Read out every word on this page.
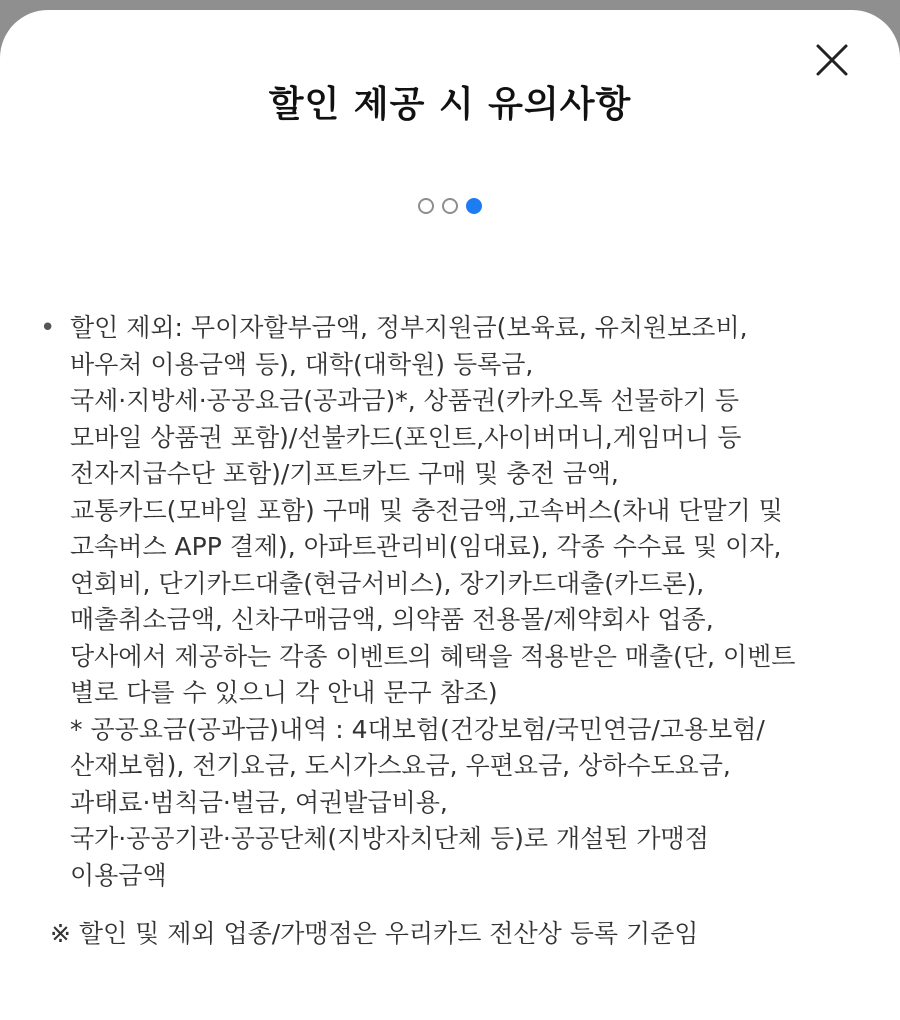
할인 제공 시 유의사항
• 할인 제외: 무이자할부금액, 정부지원금(보육료, 유치원보조비,
바우처 이용금액 등), 대학(대학원) 등록금,
국세·지방세·공공요금(공과금)*, 상품권(카카오톡 선물하기 등
모바일 상품권 포함)/선불카드(포인트,사이버머니,게임머니 등
전자지급수단 포함)/기프트카드 구매 및 충전 금액,
교통카드(모바일 포함) 구매 및 충전금액,고속버스(차내 단말기 및
고속버스 APP 결제), 아파트관리비(임대료), 각종 수수료 및 이자,
연회비, 단기카드대출(현금서비스), 장기카드대출(카드론),
매출취소금액, 신차구매금액, 의약품 전용몰/제약회사 업종,
당사에서 제공하는 각종 이벤트의 혜택을 적용받은 매출(단, 이벤트
별로 다를 수 있으니 각 안내 문구 참조)
* 공공요금(공과금)내역 : 4대보험(건강보험/국민연금/고용보험/
산재보험), 전기요금, 도시가스요금, 우편요금, 상하수도요금,
과태료·범칙금·벌금, 여권발급비용,
국가·공공기관·공공단체(지방자치단체 등)로 개설된 가맹점
이용금액
※ 할인 및 제외 업종/가맹점은 우리카드 전산상 등록 기준임
